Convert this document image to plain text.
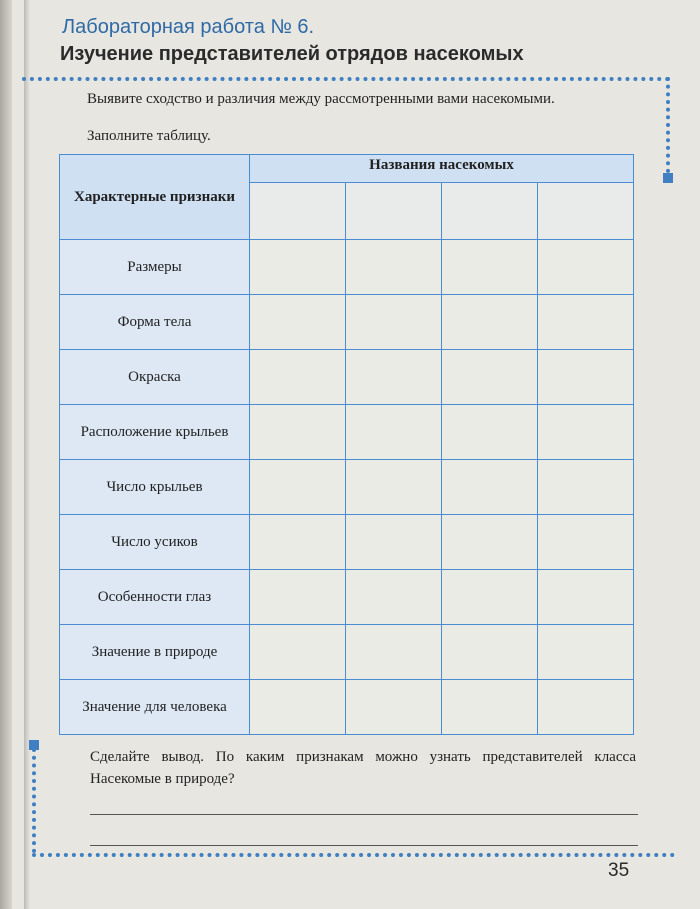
Лабораторная работа № 6.
Изучение представителей отрядов насекомых

Выявите сходство и различия между рассмотренными вами насекомыми.

Заполните таблицу.

Характерные признаки	Названия насекомых			

Размеры				
Форма тела				
Окраска				
Расположение крыльев				
Число крыльев				
Число усиков				
Особенности глаз				
Значение в природе				
Значение для человека				

Сделайте вывод. По каким признакам можно узнать представителей класса Насекомые в природе?

35
